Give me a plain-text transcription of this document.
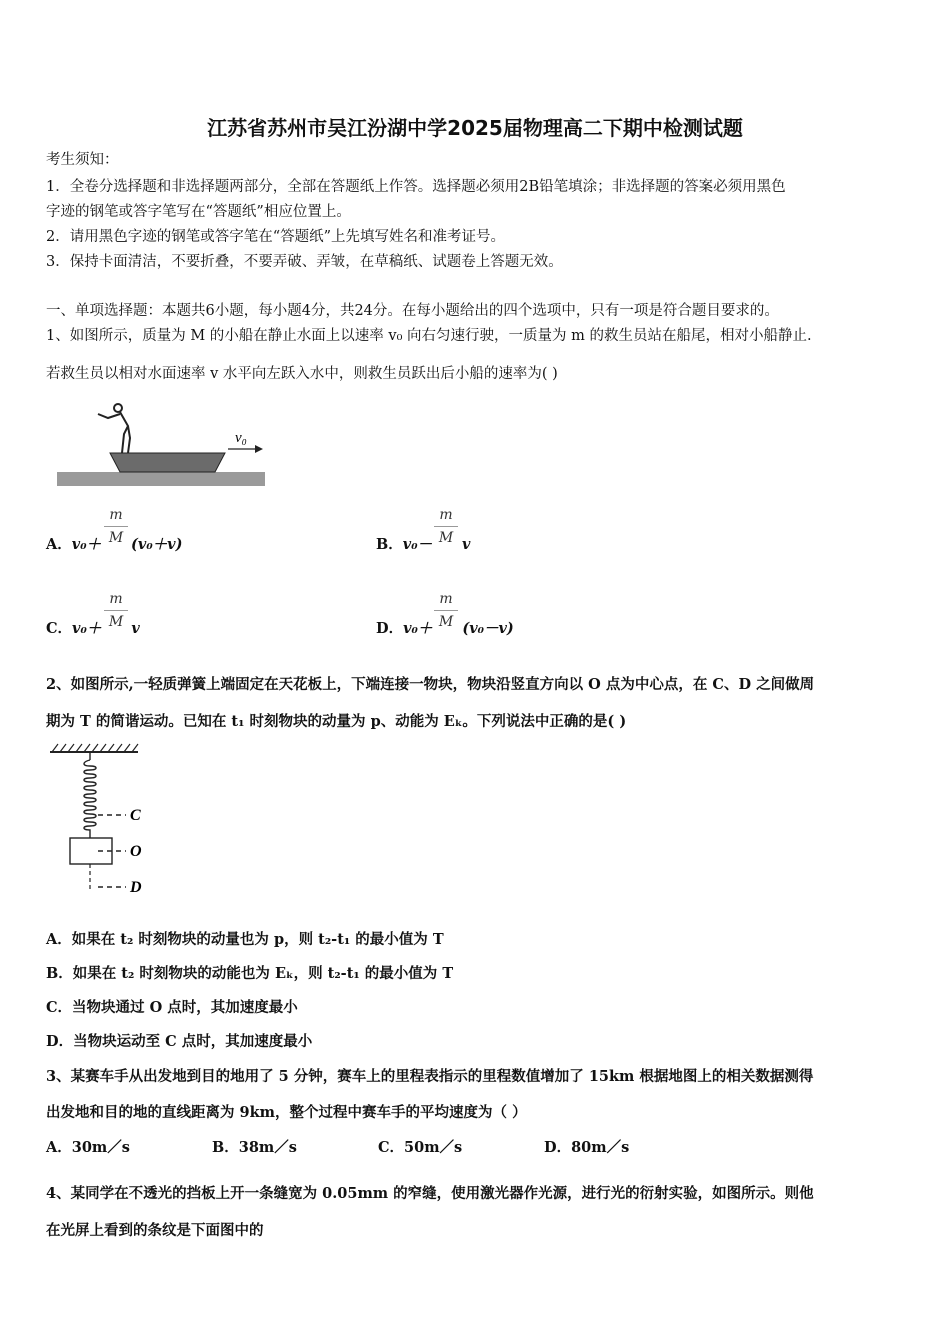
江苏省苏州市吴江汾湖中学2025届物理高二下期中检测试题
考生须知：
1．全卷分选择题和非选择题两部分，全部在答题纸上作答。选择题必须用2B铅笔填涂；非选择题的答案必须用黑色
字迹的钢笔或答字笔写在“答题纸”相应位置上。
2．请用黑色字迹的钢笔或答字笔在“答题纸”上先填写姓名和准考证号。
3．保持卡面清洁，不要折叠，不要弄破、弄皱，在草稿纸、试题卷上答题无效。
一、单项选择题：本题共6小题，每小题4分，共24分。在每小题给出的四个选项中，只有一项是符合题目要求的。
1、如图所示，质量为 M 的小船在静止水面上以速率 v₀ 向右匀速行驶，一质量为 m 的救生员站在船尾，相对小船静止.
若救生员以相对水面速率 v 水平向左跃入水中，则救生员跃出后小船的速率为( )
v₀
A．v₀＋ (v₀＋v)
m
M	B．v₀－ v
m
M
C．v₀＋ v
m
M	D．v₀＋ (v₀－v)
m
M
2、如图所示,一轻质弹簧上端固定在天花板上，下端连接一物块，物块沿竖直方向以 O 点为中心点，在 C、D 之间做周
期为 T 的简谐运动。已知在 t₁ 时刻物块的动量为 p、动能为 Eₖ。下列说法中正确的是( )
C
O
D
A．如果在 t₂ 时刻物块的动量也为 p，则 t₂-t₁ 的最小值为 T
B．如果在 t₂ 时刻物块的动能也为 Eₖ，则 t₂-t₁ 的最小值为 T
C．当物块通过 O 点时，其加速度最小
D．当物块运动至 C 点时，其加速度最小
3、某赛车手从出发地到目的地用了 5 分钟，赛车上的里程表指示的里程数值增加了 15km 根据地图上的相关数据测得
出发地和目的地的直线距离为 9km，整个过程中赛车手的平均速度为（ ）
A．30m／s	B．38m／s	C．50m／s	D．80m／s
4、某同学在不透光的挡板上开一条缝宽为 0.05mm 的窄缝，使用激光器作光源，进行光的衍射实验，如图所示。则他
在光屏上看到的条纹是下面图中的
